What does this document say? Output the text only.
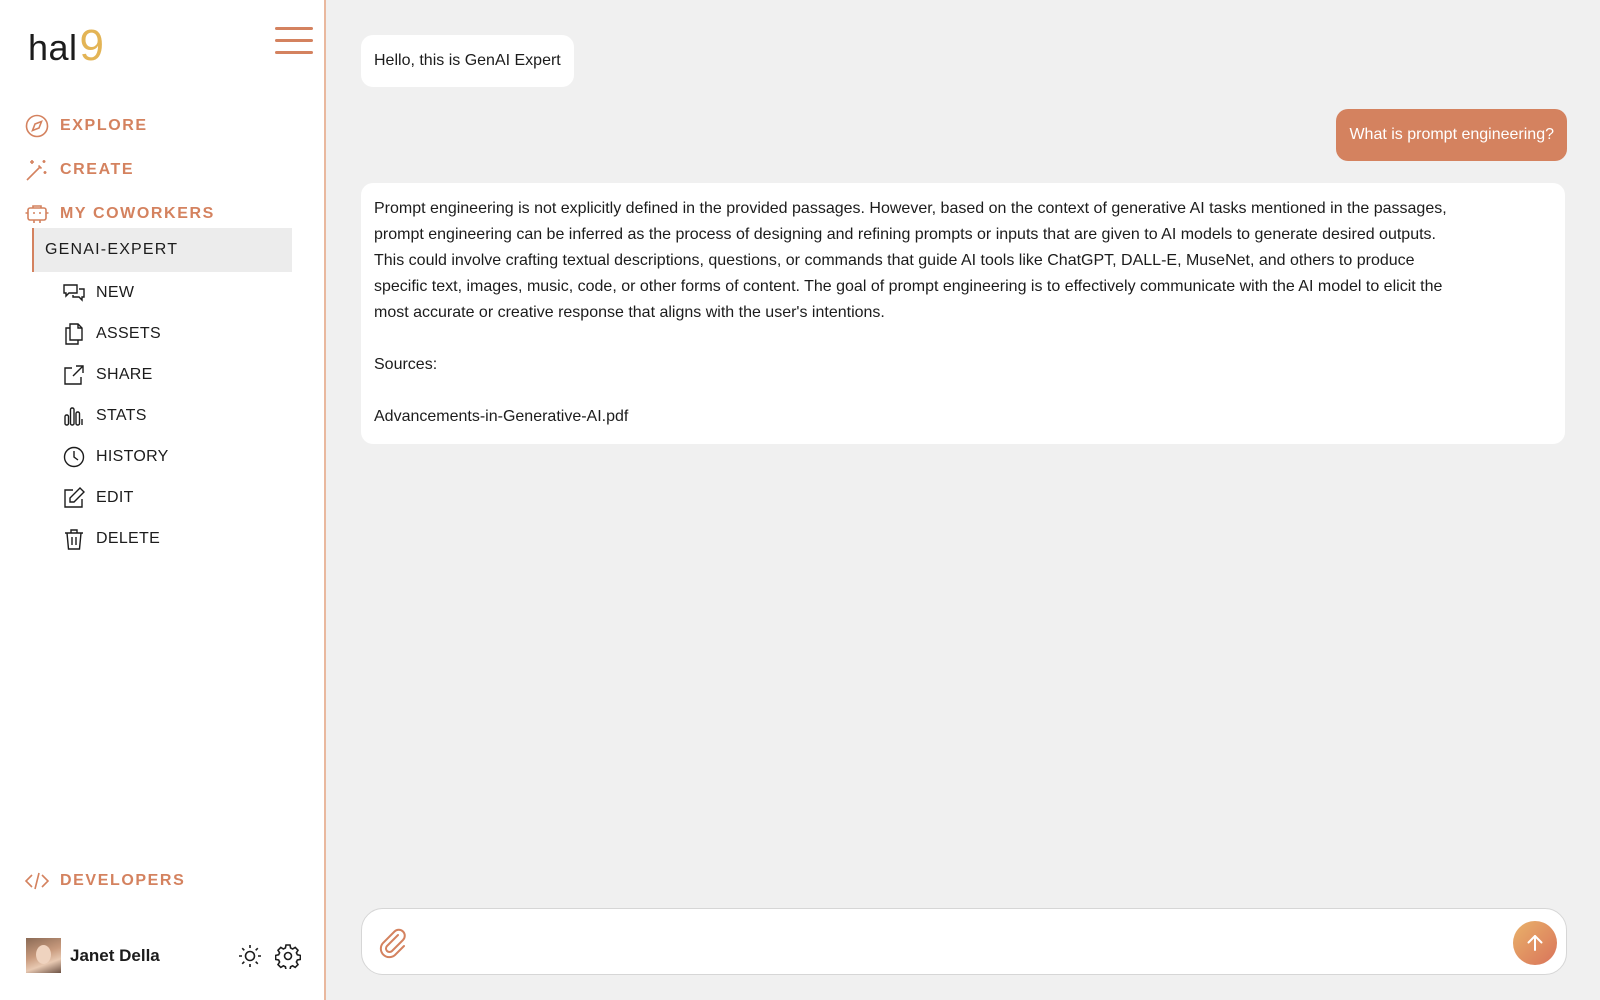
hal 9
EXPLORE
CREATE
MY COWORKERS
GENAI-EXPERT
NEW
ASSETS
SHARE
STATS
HISTORY
EDIT
DELETE
DEVELOPERS
Janet Della
Hello, this is GenAI Expert
What is prompt engineering?

Prompt engineering is not explicitly defined in the provided passages. However, based on the context of generative AI tasks mentioned in the passages,

prompt engineering can be inferred as the process of designing and refining prompts or inputs that are given to AI models to generate desired outputs.

This could involve crafting textual descriptions, questions, or commands that guide AI tools like ChatGPT, DALL-E, MuseNet, and others to produce

specific text, images, music, code, or other forms of content. The goal of prompt engineering is to effectively communicate with the AI model to elicit the

most accurate or creative response that aligns with the user's intentions.

Sources:

Advancements-in-Generative-AI.pdf
